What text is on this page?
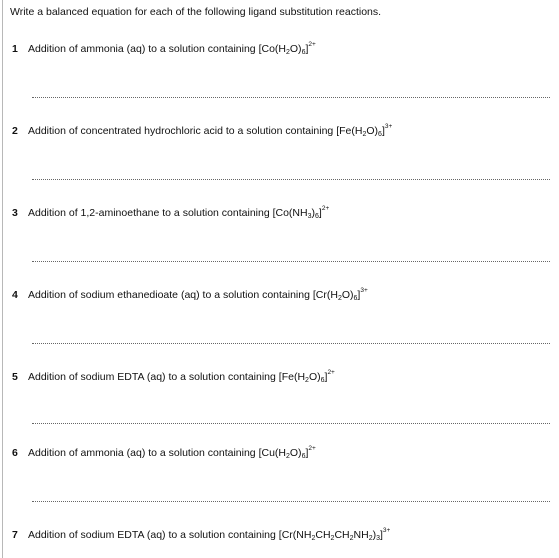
Write a balanced equation for each of the following ligand substitution reactions.
1 Addition of ammonia (aq) to a solution containing $[Co(H_2O)_6]^{2+}$
2 Addition of concentrated hydrochloric acid to a solution containing $[Fe(H_2O)_6]^{3+}$
3 Addition of 1,2-aminoethane to a solution containing $[Co(NH_3)_6]^{2+}$
4 Addition of sodium ethanedioate (aq) to a solution containing $[Cr(H_2O)_6]^{3+}$
5 Addition of sodium EDTA (aq) to a solution containing $[Fe(H_2O)_6]^{2+}$
6 Addition of ammonia (aq) to a solution containing $[Cu(H_2O)_6]^{2+}$
7 Addition of sodium EDTA (aq) to a solution containing $[Cr(NH_2CH_2CH_2NH_2)_3]^{3+}$
